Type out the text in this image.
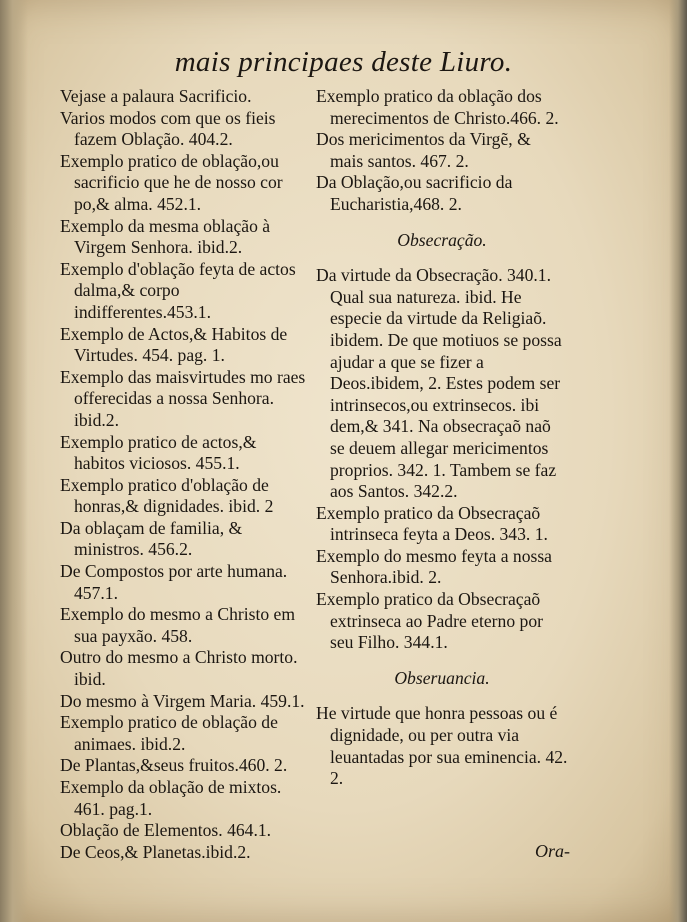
mais principaes deste Liuro.

Vejase a palaura Sacrificio.

Varios modos com que os fieis fazem Oblação. 404.2.

Exemplo pratico de oblação,ou sacrificio que he de nosso cor po,& alma. 452.1.

Exemplo da mesma oblação à Virgem Senhora. ibid.2.

Exemplo d'oblação feyta de actos dalma,& corpo indifferentes.453.1.

Exemplo de Actos,& Habitos de Virtudes. 454. pag. 1.

Exemplo das maisvirtudes mo raes offerecidas a nossa Senhora. ibid.2.

Exemplo pratico de actos,& habitos viciosos. 455.1.

Exemplo pratico d'oblação de honras,& dignidades. ibid. 2

Da oblaçam de familia, & ministros. 456.2.

De Compostos por arte humana. 457.1.

Exemplo do mesmo a Christo em sua payxão. 458.

Outro do mesmo a Christo morto. ibid.

Do mesmo à Virgem Maria. 459.1.

Exemplo pratico de oblação de animaes. ibid.2.

De Plantas,&seus fruitos.460. 2.

Exemplo da oblação de mixtos. 461. pag.1.

Oblação de Elementos. 464.1.

De Ceos,& Planetas.ibid.2.

Exemplo pratico da oblação dos merecimentos de Christo.466. 2.

Dos mericimentos da Virgẽ, & mais santos. 467. 2.

Da Oblação,ou sacrificio da Eucharistia,468. 2.

Obsecração.

Da virtude da Obsecração. 340.1. Qual sua natureza. ibid. He especie da virtude da Religiaõ. ibidem. De que motiuos se possa ajudar a que se fizer a Deos.ibidem, 2. Estes podem ser intrinsecos,ou extrinsecos. ibi dem,& 341. Na obsecraçaõ naõ se deuem allegar mericimentos proprios. 342. 1. Tambem se faz aos Santos. 342.2.

Exemplo pratico da Obsecraçaõ intrinseca feyta a Deos. 343. 1.

Exemplo do mesmo feyta a nossa Senhora.ibid. 2.

Exemplo pratico da Obsecraçaõ extrinseca ao Padre eterno por seu Filho. 344.1.

Obseruancia.

He virtude que honra pessoas ou é dignidade, ou per outra via leuantadas por sua eminencia. 42. 2.

Ora-
